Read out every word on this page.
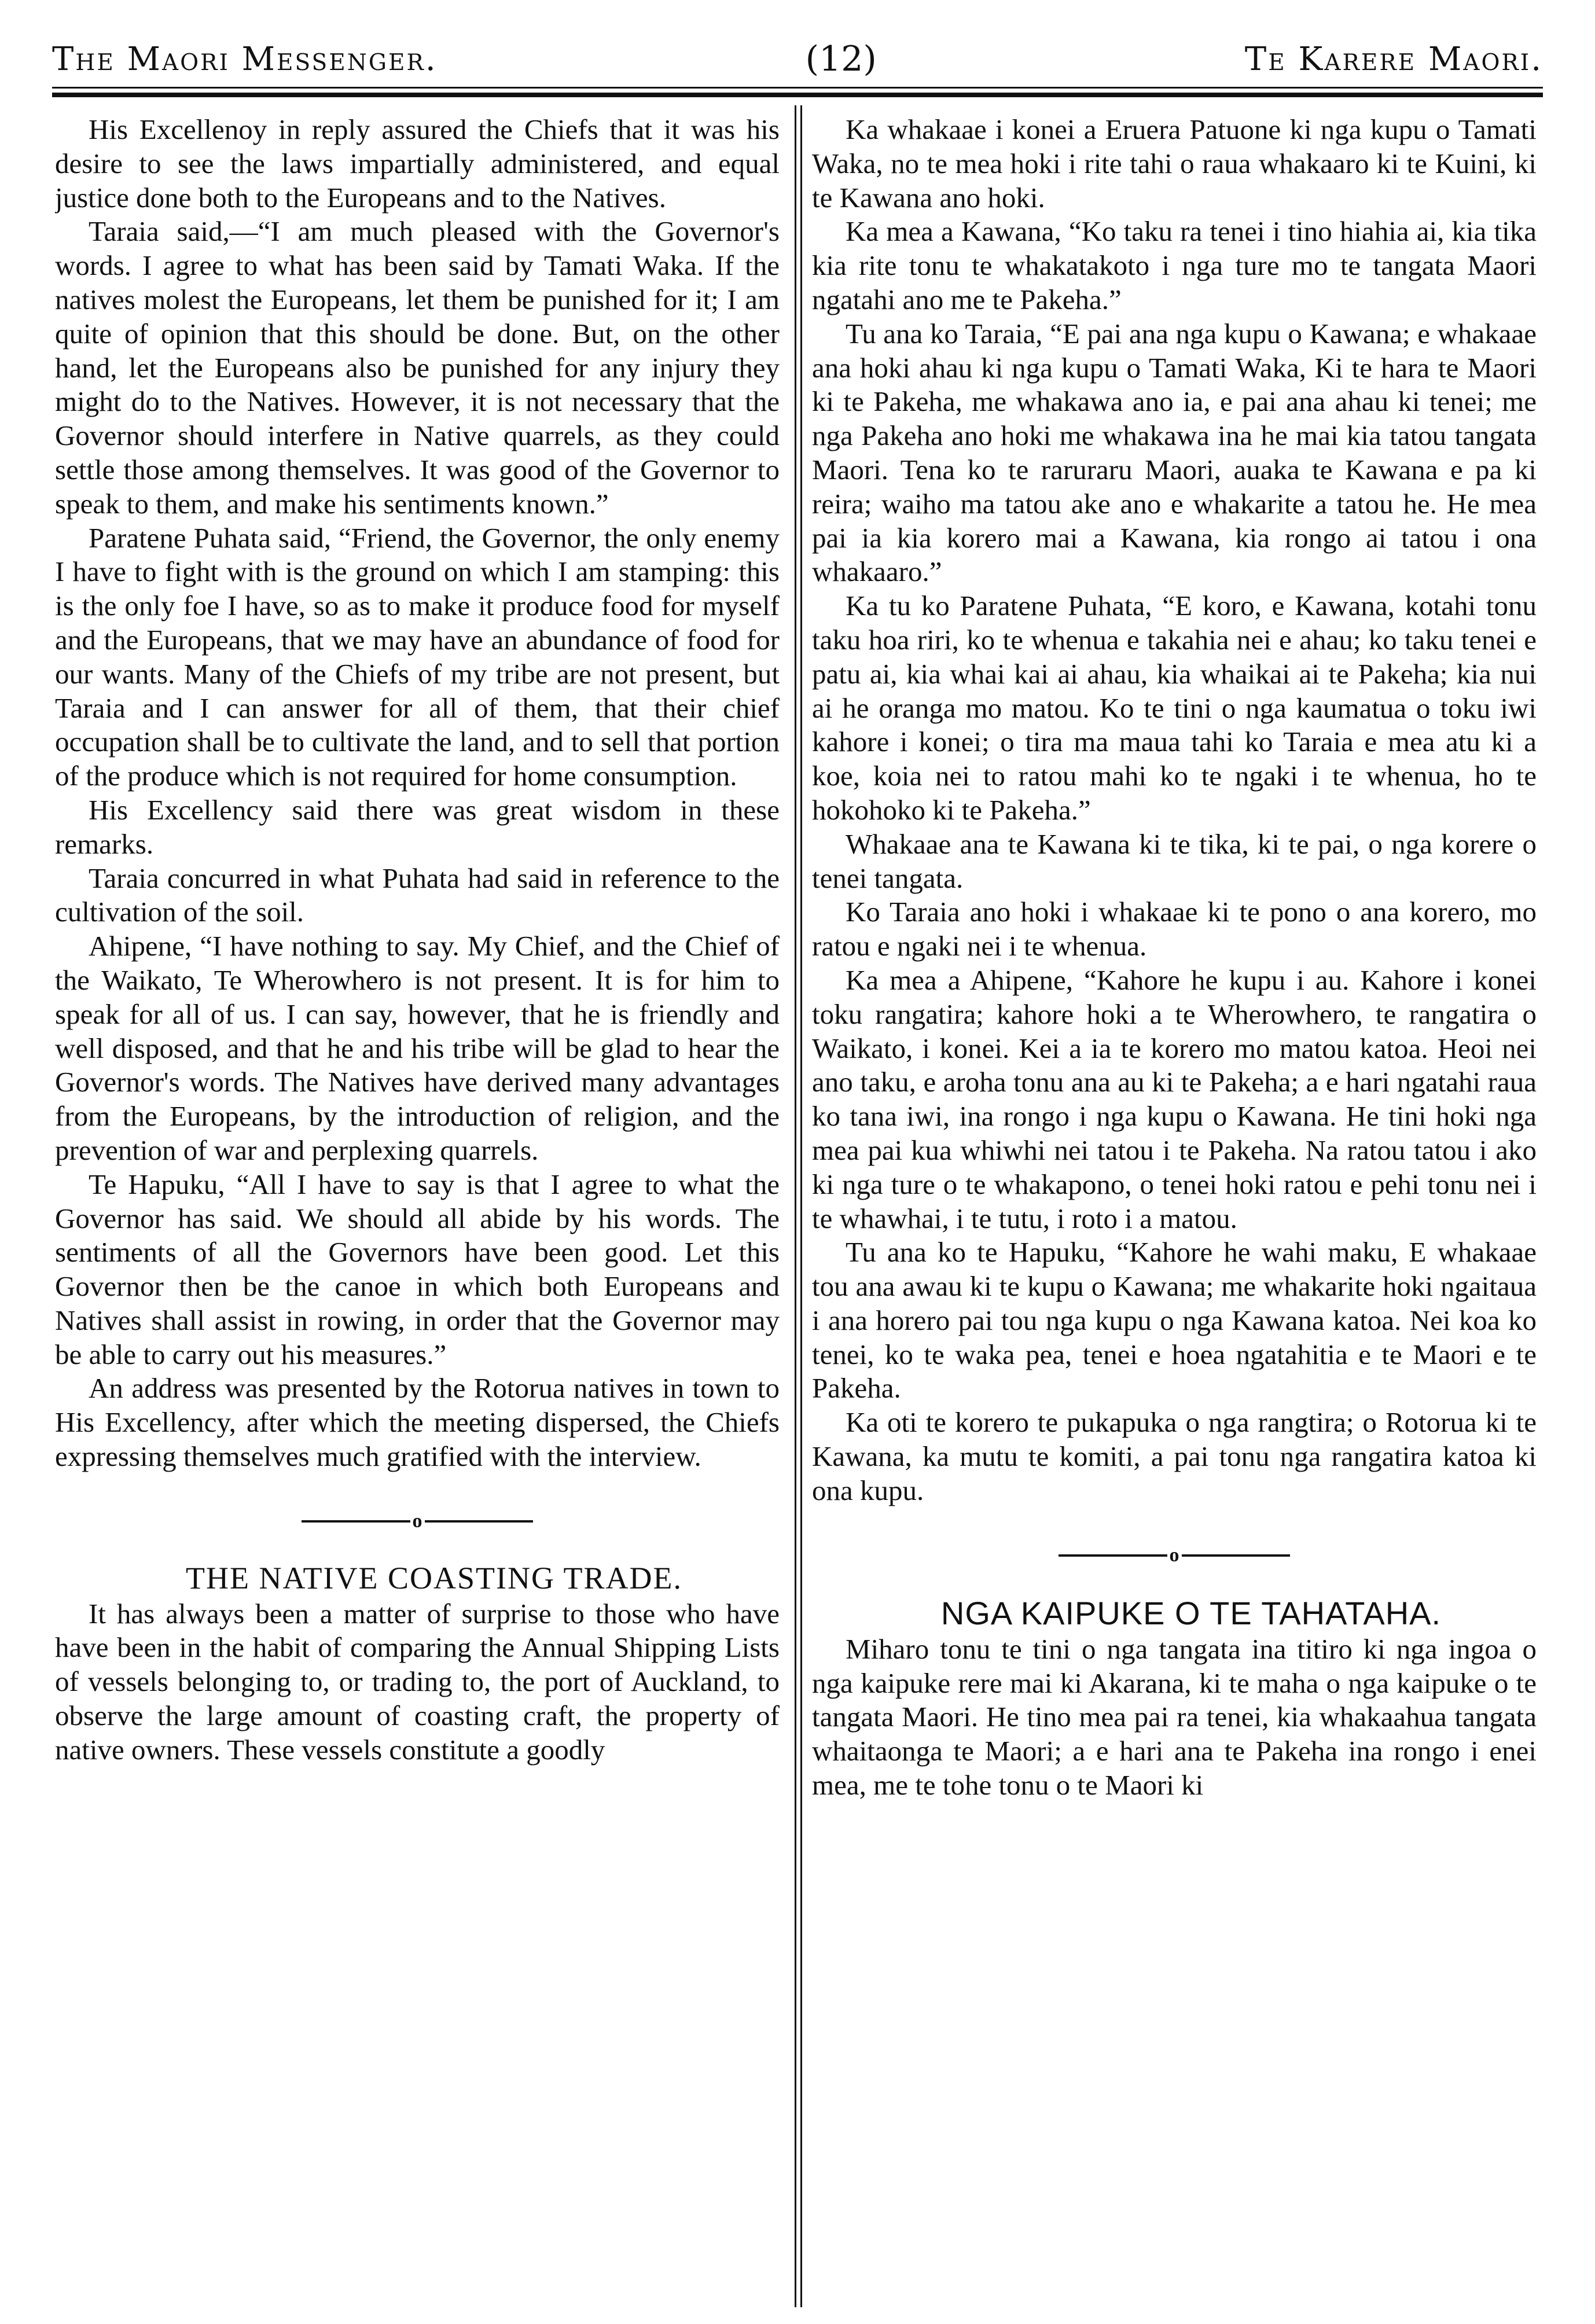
The Maori Messenger.	(12)	Te Karere Maori.

His Excellenoy in reply assured the Chiefs that it was his desire to see the laws impartially administered, and equal justice done both to the Europeans and to the Natives.

Taraia said,—“I am much pleased with the Governor's words. I agree to what has been said by Tamati Waka. If the natives molest the Europeans, let them be punished for it; I am quite of opinion that this should be done. But, on the other hand, let the Europeans also be punished for any injury they might do to the Natives. However, it is not necessary that the Governor should interfere in Native quarrels, as they could settle those among themselves. It was good of the Governor to speak to them, and make his sentiments known.”

Paratene Puhata said, “Friend, the Governor, the only enemy I have to fight with is the ground on which I am stamping: this is the only foe I have, so as to make it produce food for myself and the Europeans, that we may have an abundance of food for our wants. Many of the Chiefs of my tribe are not present, but Taraia and I can answer for all of them, that their chief occupation shall be to cultivate the land, and to sell that portion of the produce which is not required for home consumption.

His Excellency said there was great wisdom in these remarks.

Taraia concurred in what Puhata had said in reference to the cultivation of the soil.

Ahipene, “I have nothing to say. My Chief, and the Chief of the Waikato, Te Wherowhero is not present. It is for him to speak for all of us. I can say, however, that he is friendly and well disposed, and that he and his tribe will be glad to hear the Governor's words. The Natives have derived many advantages from the Europeans, by the introduction of religion, and the prevention of war and perplexing quarrels.

Te Hapuku, “All I have to say is that I agree to what the Governor has said. We should all abide by his words. The sentiments of all the Governors have been good. Let this Governor then be the canoe in which both Europeans and Natives shall assist in rowing, in order that the Governor may be able to carry out his measures.”

An address was presented by the Rotorua natives in town to His Excellency, after which the meeting dispersed, the Chiefs expressing themselves much gratified with the interview.

o

THE NATIVE COASTING TRADE.

It has always been a matter of surprise to those who have have been in the habit of comparing the Annual Shipping Lists of vessels belonging to, or trading to, the port of Auckland, to observe the large amount of coasting craft, the property of native owners. These vessels constitute a goodly

Ka whakaae i konei a Eruera Patuone ki nga kupu o Tamati Waka, no te mea hoki i rite tahi o raua whakaaro ki te Kuini, ki te Kawana ano hoki.

Ka mea a Kawana, “Ko taku ra tenei i tino hiahia ai, kia tika kia rite tonu te whakatakoto i nga ture mo te tangata Maori ngatahi ano me te Pakeha.”

Tu ana ko Taraia, “E pai ana nga kupu o Kawana; e whakaae ana hoki ahau ki nga kupu o Tamati Waka, Ki te hara te Maori ki te Pakeha, me whakawa ano ia, e pai ana ahau ki tenei; me nga Pakeha ano hoki me whakawa ina he mai kia tatou tangata Maori. Tena ko te raruraru Maori, auaka te Kawana e pa ki reira; waiho ma tatou ake ano e whakarite a tatou he. He mea pai ia kia korero mai a Kawana, kia rongo ai tatou i ona whakaaro.”

Ka tu ko Paratene Puhata, “E koro, e Kawana, kotahi tonu taku hoa riri, ko te whenua e takahia nei e ahau; ko taku tenei e patu ai, kia whai kai ai ahau, kia whaikai ai te Pakeha; kia nui ai he oranga mo matou. Ko te tini o nga kaumatua o toku iwi kahore i konei; o tira ma maua tahi ko Taraia e mea atu ki a koe, koia nei to ratou mahi ko te ngaki i te whenua, ho te hokohoko ki te Pakeha.”

Whakaae ana te Kawana ki te tika, ki te pai, o nga korere o tenei tangata.

Ko Taraia ano hoki i whakaae ki te pono o ana korero, mo ratou e ngaki nei i te whenua.

Ka mea a Ahipene, “Kahore he kupu i au. Kahore i konei toku rangatira; kahore hoki a te Wherowhero, te rangatira o Waikato, i konei. Kei a ia te korero mo matou katoa. Heoi nei ano taku, e aroha tonu ana au ki te Pakeha; a e hari ngatahi raua ko tana iwi, ina rongo i nga kupu o Kawana. He tini hoki nga mea pai kua whiwhi nei tatou i te Pakeha. Na ratou tatou i ako ki nga ture o te whakapono, o tenei hoki ratou e pehi tonu nei i te whawhai, i te tutu, i roto i a matou.

Tu ana ko te Hapuku, “Kahore he wahi maku, E whakaae tou ana awau ki te kupu o Kawana; me whakarite hoki ngaitaua i ana horero pai tou nga kupu o nga Kawana katoa. Nei koa ko tenei, ko te waka pea, tenei e hoea ngatahitia e te Maori e te Pakeha.

Ka oti te korero te pukapuka o nga rangtira; o Rotorua ki te Kawana, ka mutu te komiti, a pai tonu nga rangatira katoa ki ona kupu.

o

NGA KAIPUKE O TE TAHATAHA.

Miharo tonu te tini o nga tangata ina titiro ki nga ingoa o nga kaipuke rere mai ki Akarana, ki te maha o nga kaipuke o te tangata Maori. He tino mea pai ra tenei, kia whakaahua tangata whaitaonga te Maori; a e hari ana te Pakeha ina rongo i enei mea, me te tohe tonu o te Maori ki
